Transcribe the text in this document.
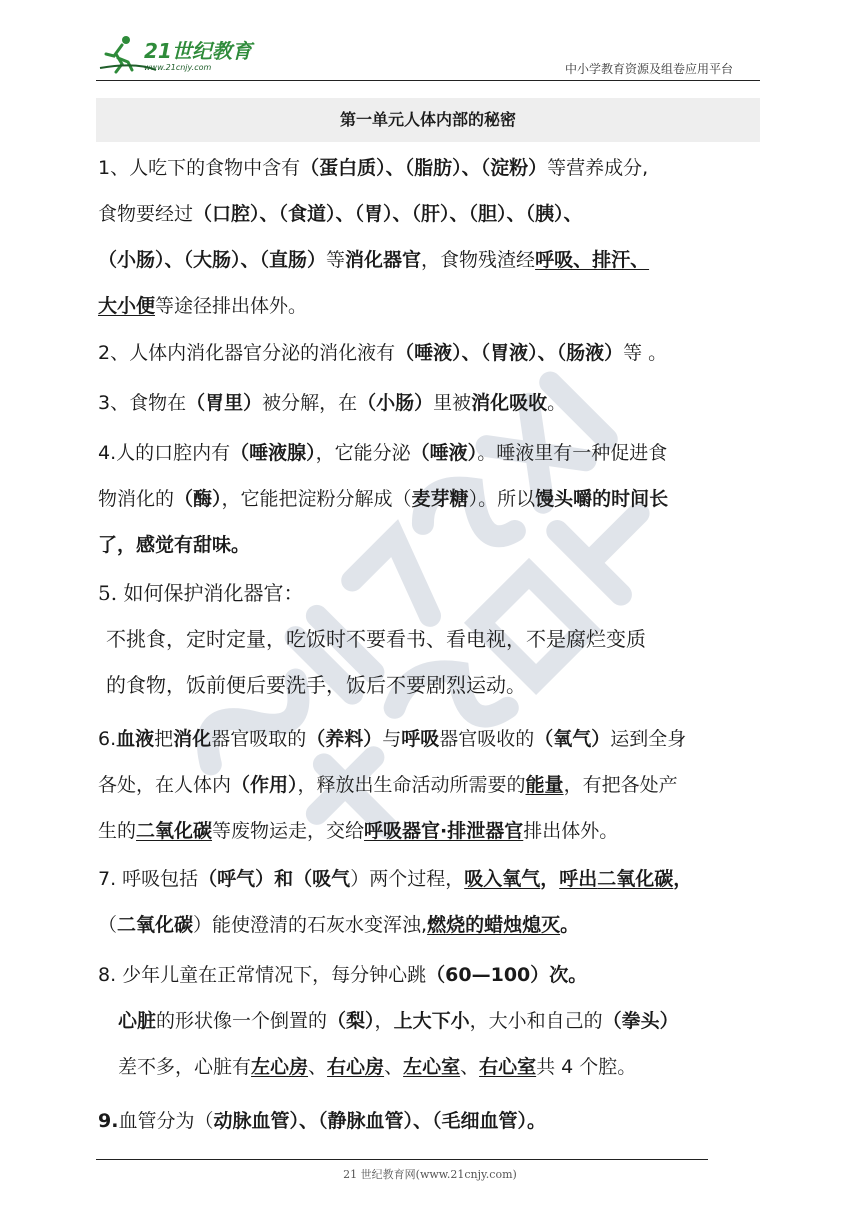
21世纪教育
www.21cnjy.com	中小学教育资源及组卷应用平台
第一单元人体内部的秘密
1、人吃下的食物中含有（蛋白质）、（脂肪）、（淀粉）等营养成分,
食物要经过（口腔）、（食道）、（胃）、（肝）、（胆）、（胰）、
（小肠）、（大肠）、（直肠）等消化器官，食物残渣经呼吸、排汗、
大小便等途径排出体外。
2、人体内消化器官分泌的消化液有（唾液）、（胃液）、（肠液）等 。
3、食物在（胃里）被分解，在（小肠）里被消化吸收。
4.人的口腔内有（唾液腺），它能分泌（唾液）。唾液里有一种促进食
物消化的（酶），它能把淀粉分解成（麦芽糖）。所以馒头嚼的时间长
了，感觉有甜味。
5. 如何保护消化器官：
不挑食，定时定量，吃饭时不要看书、看电视，不是腐烂变质
的食物，饭前便后要洗手，饭后不要剧烈运动。
6.血液把消化器官吸取的（养料）与呼吸器官吸收的（氧气）运到全身
各处，在人体内（作用），释放出生命活动所需要的能量，有把各处产
生的二氧化碳等废物运走，交给呼吸器官·排泄器官排出体外。
7. 呼吸包括（呼气）和（吸气）两个过程，吸入氧气，呼出二氧化碳，
（二氧化碳）能使澄清的石灰水变浑浊,燃烧的蜡烛熄灭。
8. 少年儿童在正常情况下，每分钟心跳（60—100）次。
心脏的形状像一个倒置的（梨），上大下小，大小和自己的（拳头）
差不多，心脏有左心房、右心房、左心室、右心室共 4 个腔。
9.血管分为（动脉血管）、（静脉血管）、（毛细血管）。
21 世纪教育网(www.21cnjy.com)
